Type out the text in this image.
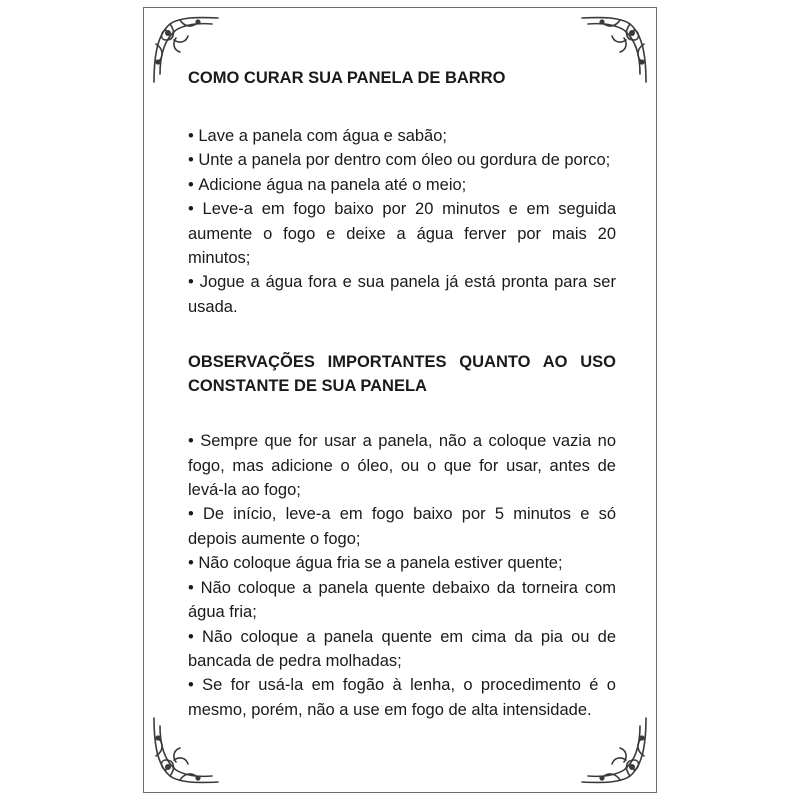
COMO CURAR SUA PANELA DE BARRO
• Lave a panela com água e sabão;
• Unte a panela por dentro com óleo ou gordura de porco;
• Adicione água na panela até o meio;
• Leve-a em fogo baixo por 20 minutos e em seguida aumente o fogo e deixe a água ferver por mais 20 minutos;
• Jogue a água fora e sua panela já está pronta para ser usada.
OBSERVAÇÕES IMPORTANTES QUANTO AO USO CONSTANTE DE SUA PANELA
• Sempre que for usar a panela, não a coloque vazia no fogo, mas adicione o óleo, ou o que for usar, antes de levá-la ao fogo;
• De início, leve-a em fogo baixo por 5 minutos e só depois aumente o fogo;
• Não coloque água fria se a panela estiver quente;
• Não coloque a panela quente debaixo da torneira com água fria;
• Não coloque a panela quente em cima da pia ou de bancada de pedra molhadas;
• Se for usá-la em fogão à lenha, o procedimento é o mesmo, porém, não a use em fogo de alta intensidade.
